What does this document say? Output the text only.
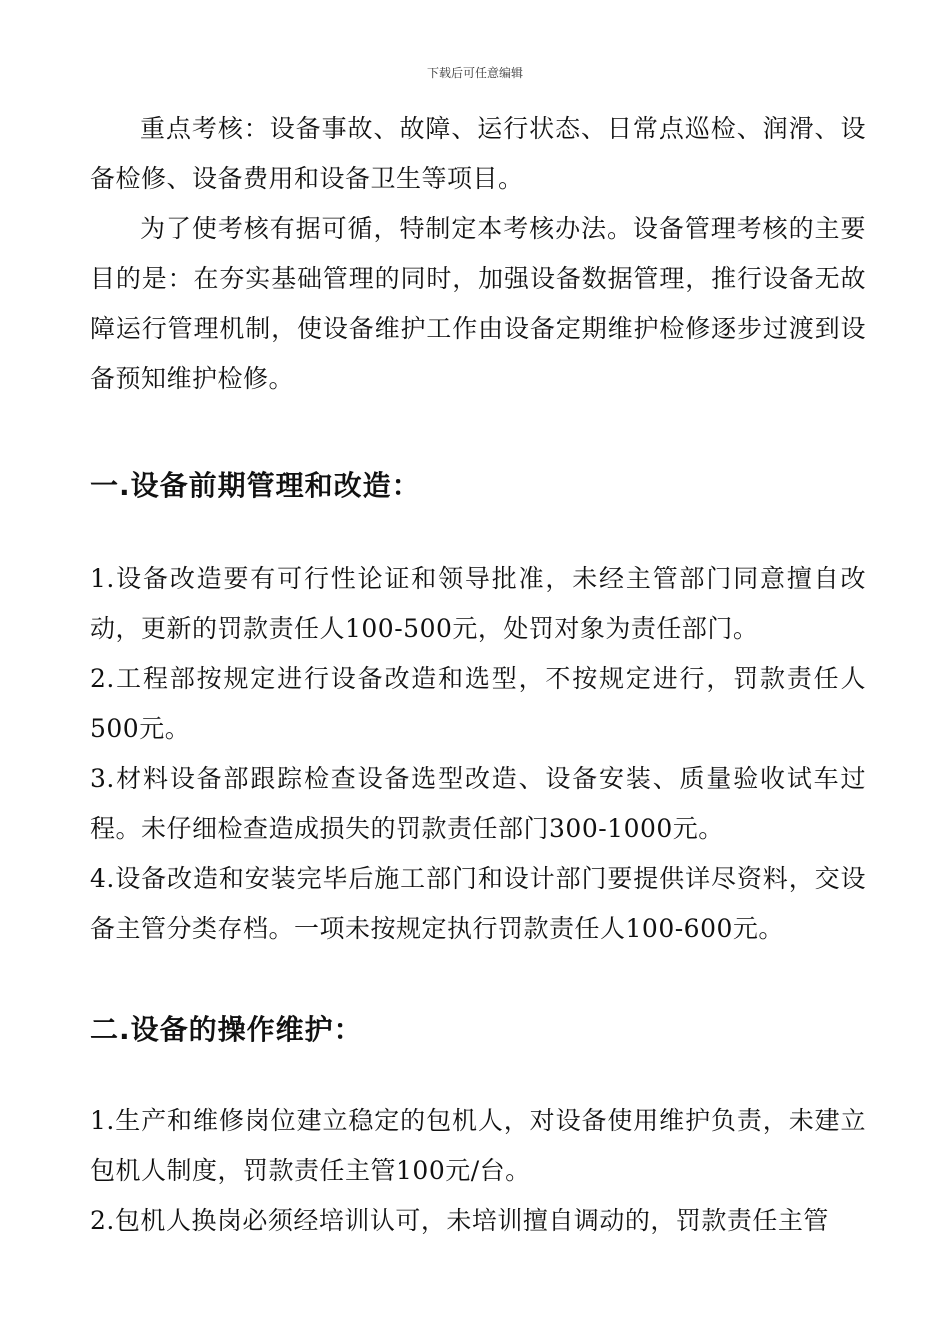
下载后可任意编辑

重点考核：设备事故、故障、运行状态、日常点巡检、润滑、设备检修、设备费用和设备卫生等项目。

为了使考核有据可循，特制定本考核办法。设备管理考核的主要目的是：在夯实基础管理的同时，加强设备数据管理，推行设备无故障运行管理机制，使设备维护工作由设备定期维护检修逐步过渡到设备预知维护检修。

一.设备前期管理和改造：

1.设备改造要有可行性论证和领导批准，未经主管部门同意擅自改动，更新的罚款责任人100-500元，处罚对象为责任部门。

2.工程部按规定进行设备改造和选型，不按规定进行，罚款责任人500元。

3.材料设备部跟踪检查设备选型改造、设备安装、质量验收试车过程。未仔细检查造成损失的罚款责任部门300-1000元。

4.设备改造和安装完毕后施工部门和设计部门要提供详尽资料，交设备主管分类存档。一项未按规定执行罚款责任人100-600元。

二.设备的操作维护：

1.生产和维修岗位建立稳定的包机人，对设备使用维护负责，未建立包机人制度，罚款责任主管100元/台。

2.包机人换岗必须经培训认可，未培训擅自调动的，罚款责任主管
